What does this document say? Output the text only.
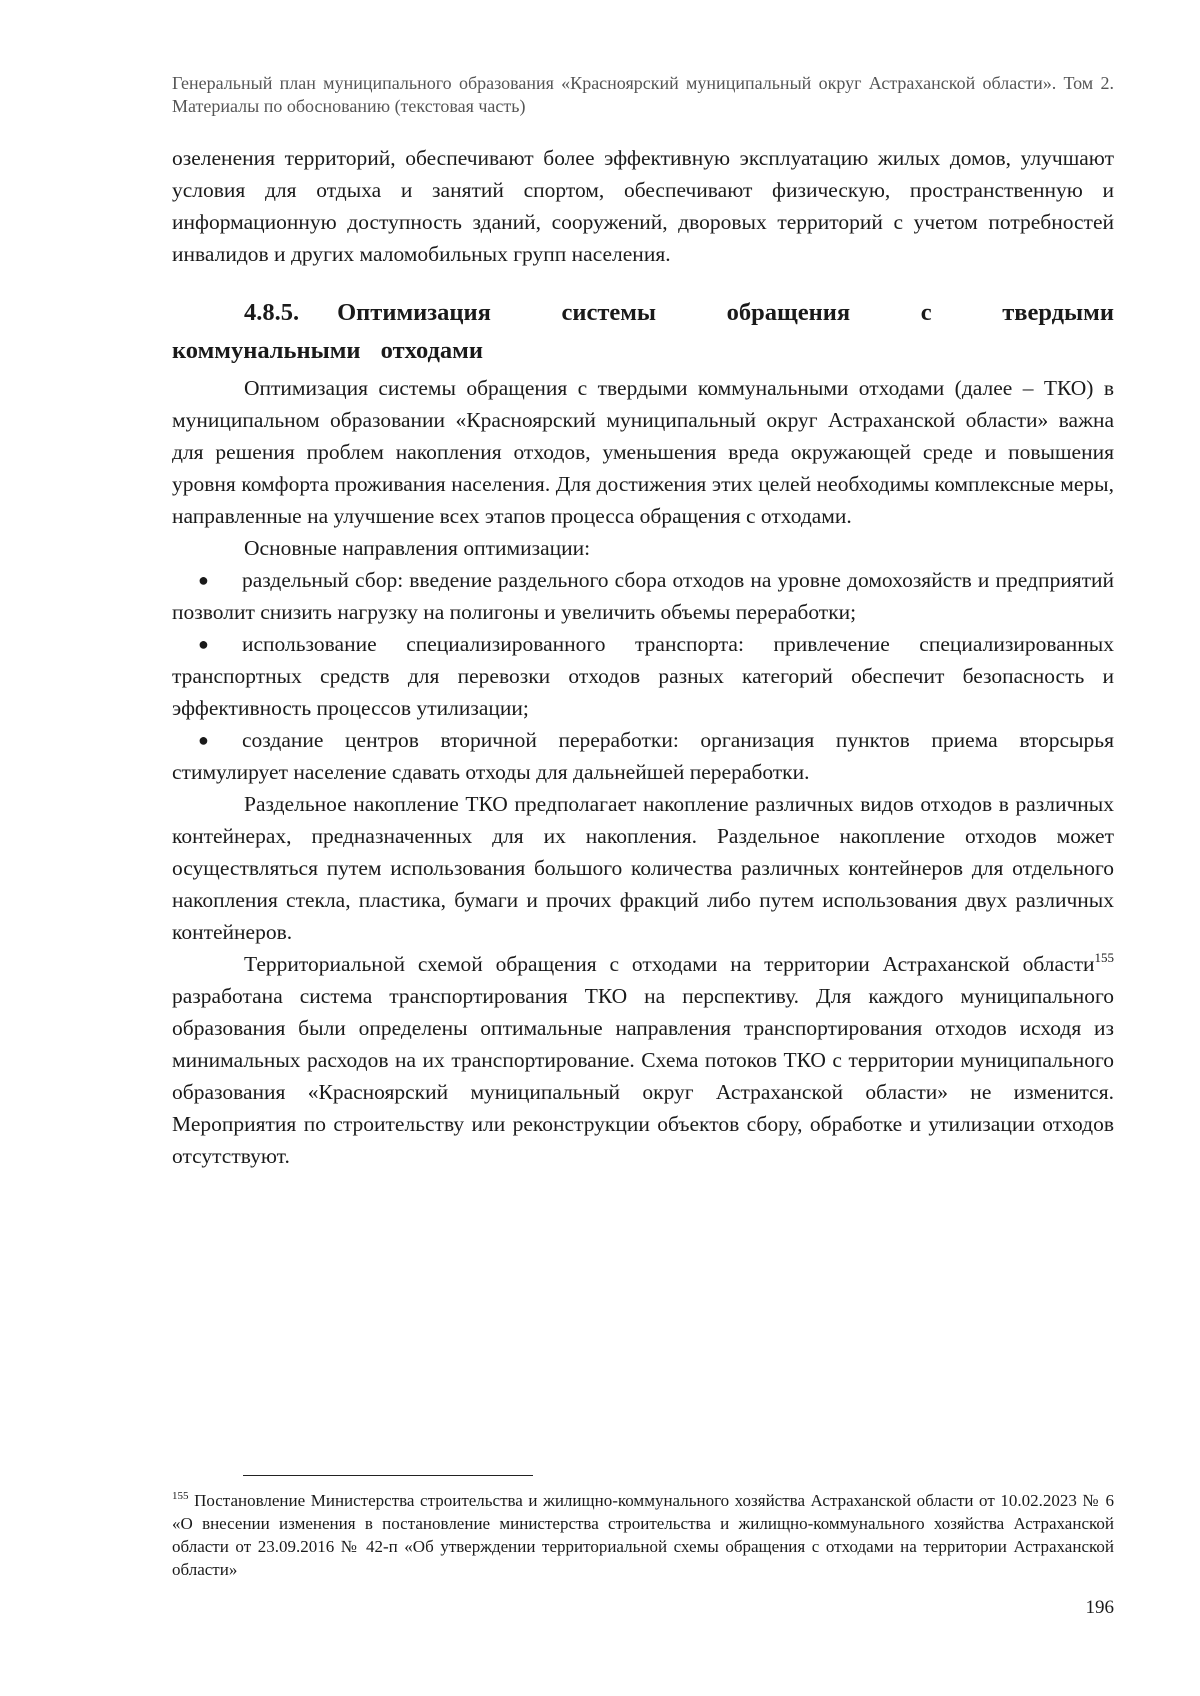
Генеральный план муниципального образования «Красноярский муниципальный округ Астраханской области». Том 2. Материалы по обоснованию (текстовая часть)

озеленения территорий, обеспечивают более эффективную эксплуатацию жилых домов, улучшают условия для отдыха и занятий спортом, обеспечивают физическую, пространственную и информационную доступность зданий, сооружений, дворовых территорий с учетом потребностей инвалидов и других маломобильных групп населения.

4.8.5. Оптимизация системы обращения с твердыми коммунальными отходами

Оптимизация системы обращения с твердыми коммунальными отходами (далее – ТКО) в муниципальном образовании «Красноярский муниципальный округ Астраханской области» важна для решения проблем накопления отходов, уменьшения вреда окружающей среде и повышения уровня комфорта проживания населения. Для достижения этих целей необходимы комплексные меры, направленные на улучшение всех этапов процесса обращения с отходами.

Основные направления оптимизации:

● раздельный сбор: введение раздельного сбора отходов на уровне домохозяйств и предприятий позволит снизить нагрузку на полигоны и увеличить объемы переработки;

● использование специализированного транспорта: привлечение специализированных транспортных средств для перевозки отходов разных категорий обеспечит безопасность и эффективность процессов утилизации;

● создание центров вторичной переработки: организация пунктов приема вторсырья стимулирует население сдавать отходы для дальнейшей переработки.

Раздельное накопление ТКО предполагает накопление различных видов отходов в различных контейнерах, предназначенных для их накопления. Раздельное накопление отходов может осуществляться путем использования большого количества различных контейнеров для отдельного накопления стекла, пластика, бумаги и прочих фракций либо путем использования двух различных контейнеров.

Территориальной схемой обращения с отходами на территории Астраханской области$^{155}$ разработана система транспортирования ТКО на перспективу. Для каждого муниципального образования были определены оптимальные направления транспортирования отходов исходя из минимальных расходов на их транспортирование. Схема потоков ТКО с территории муниципального образования «Красноярский муниципальный округ Астраханской области» не изменится. Мероприятия по строительству или реконструкции объектов сбору, обработке и утилизации отходов отсутствуют.

$^{155}$ Постановление Министерства строительства и жилищно-коммунального хозяйства Астраханской области от 10.02.2023 № 6 «О внесении изменения в постановление министерства строительства и жилищно-коммунального хозяйства Астраханской области от 23.09.2016 № 42-п «Об утверждении территориальной схемы обращения с отходами на территории Астраханской области»
196
